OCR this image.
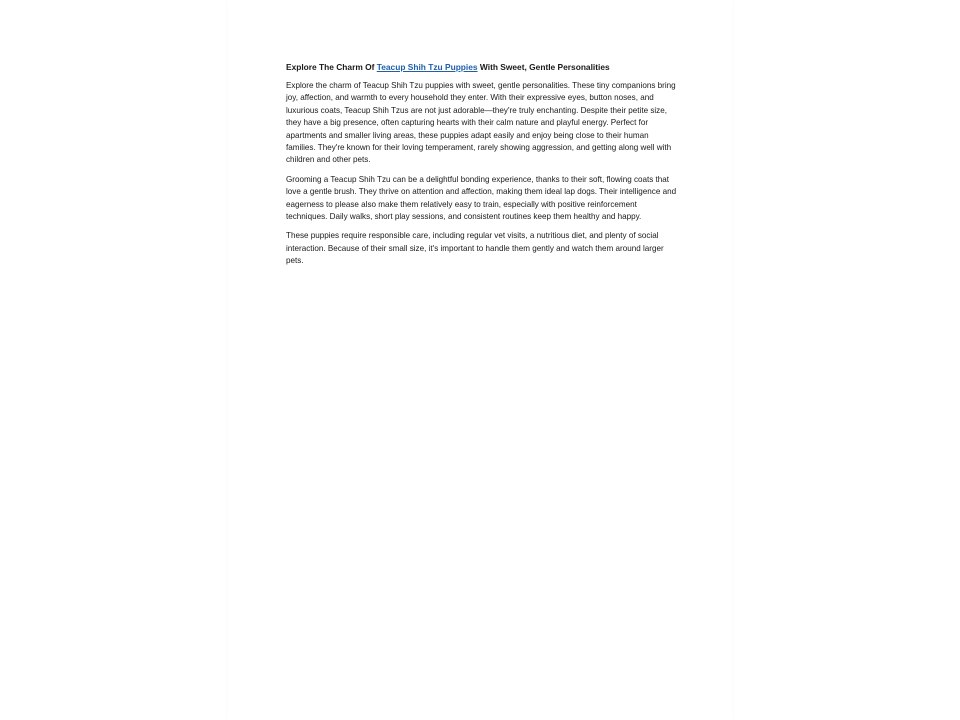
Explore The Charm Of Teacup Shih Tzu Puppies With Sweet, Gentle Personalities

Explore the charm of Teacup Shih Tzu puppies with sweet, gentle personalities. These tiny companions bring joy, affection, and warmth to every household they enter. With their expressive eyes, button noses, and luxurious coats, Teacup Shih Tzus are not just adorable—they're truly enchanting. Despite their petite size, they have a big presence, often capturing hearts with their calm nature and playful energy. Perfect for apartments and smaller living areas, these puppies adapt easily and enjoy being close to their human families. They're known for their loving temperament, rarely showing aggression, and getting along well with children and other pets.

Grooming a Teacup Shih Tzu can be a delightful bonding experience, thanks to their soft, flowing coats that love a gentle brush. They thrive on attention and affection, making them ideal lap dogs. Their intelligence and eagerness to please also make them relatively easy to train, especially with positive reinforcement techniques. Daily walks, short play sessions, and consistent routines keep them healthy and happy.

These puppies require responsible care, including regular vet visits, a nutritious diet, and plenty of social interaction. Because of their small size, it's important to handle them gently and watch them around larger pets.
